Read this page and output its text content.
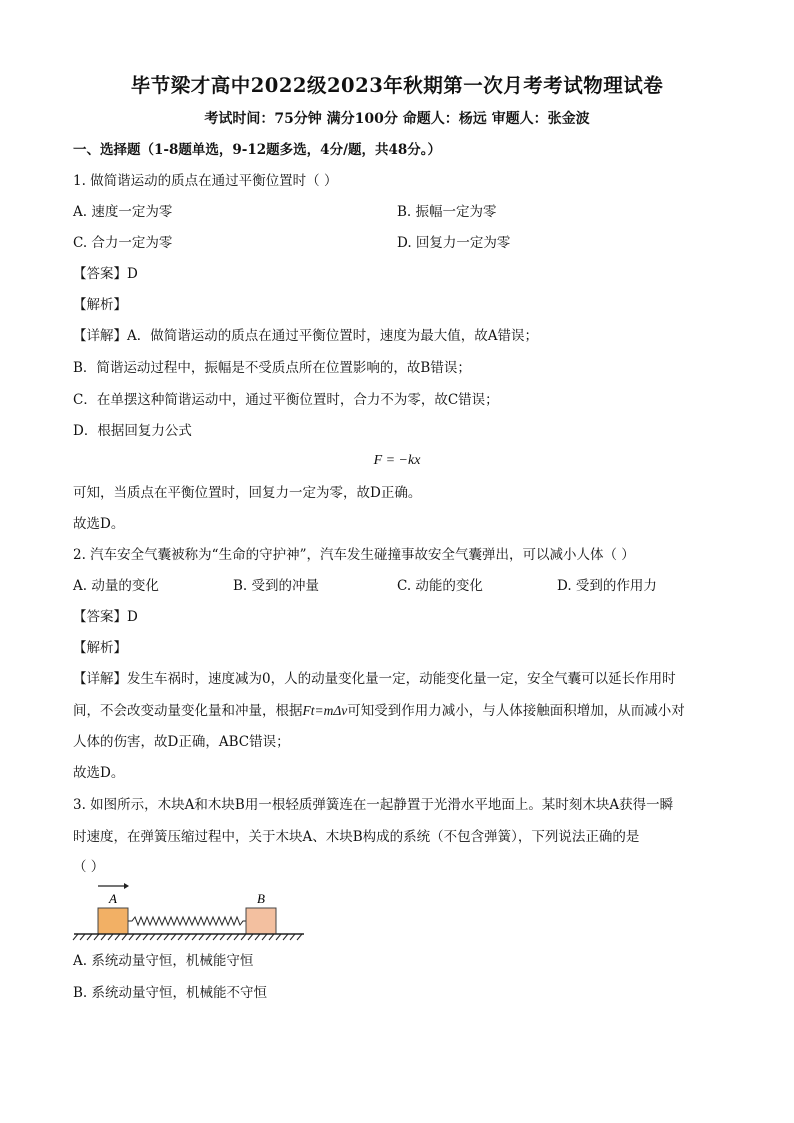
毕节梁才高中2022级2023年秋期第一次月考考试物理试卷
考试时间：75分钟 满分100分 命题人：杨远 审题人：张金波
一、选择题（1-8题单选，9-12题多选，4分/题，共48分。）
1. 做简谐运动的质点在通过平衡位置时（ ）
A. 速度一定为零	B. 振幅一定为零
C. 合力一定为零	D. 回复力一定为零
【答案】D
【解析】
【详解】A．做简谐运动的质点在通过平衡位置时，速度为最大值，故A错误；
B．简谐运动过程中，振幅是不受质点所在位置影响的，故B错误；
C．在单摆这种简谐运动中，通过平衡位置时，合力不为零，故C错误；
D．根据回复力公式
F = −kx
可知，当质点在平衡位置时，回复力一定为零，故D正确。
故选D。
2. 汽车安全气囊被称为“生命的守护神”，汽车发生碰撞事故安全气囊弹出，可以减小人体（ ）
A. 动量的变化	B. 受到的冲量	C. 动能的变化	D. 受到的作用力
【答案】D
【解析】
【详解】发生车祸时，速度减为0，人的动量变化量一定，动能变化量一定，安全气囊可以延长作用时
间，不会改变动量变化量和冲量，根据Ft=mΔv可知受到作用力减小，与人体接触面积增加，从而减小对
人体的伤害，故D正确，ABC错误；
故选D。
3. 如图所示，木块A和木块B用一根轻质弹簧连在一起静置于光滑水平地面上。某时刻木块A获得一瞬
时速度，在弹簧压缩过程中，关于木块A、木块B构成的系统（不包含弹簧），下列说法正确的是
（ ）
A	B
A. 系统动量守恒，机械能守恒
B. 系统动量守恒，机械能不守恒
